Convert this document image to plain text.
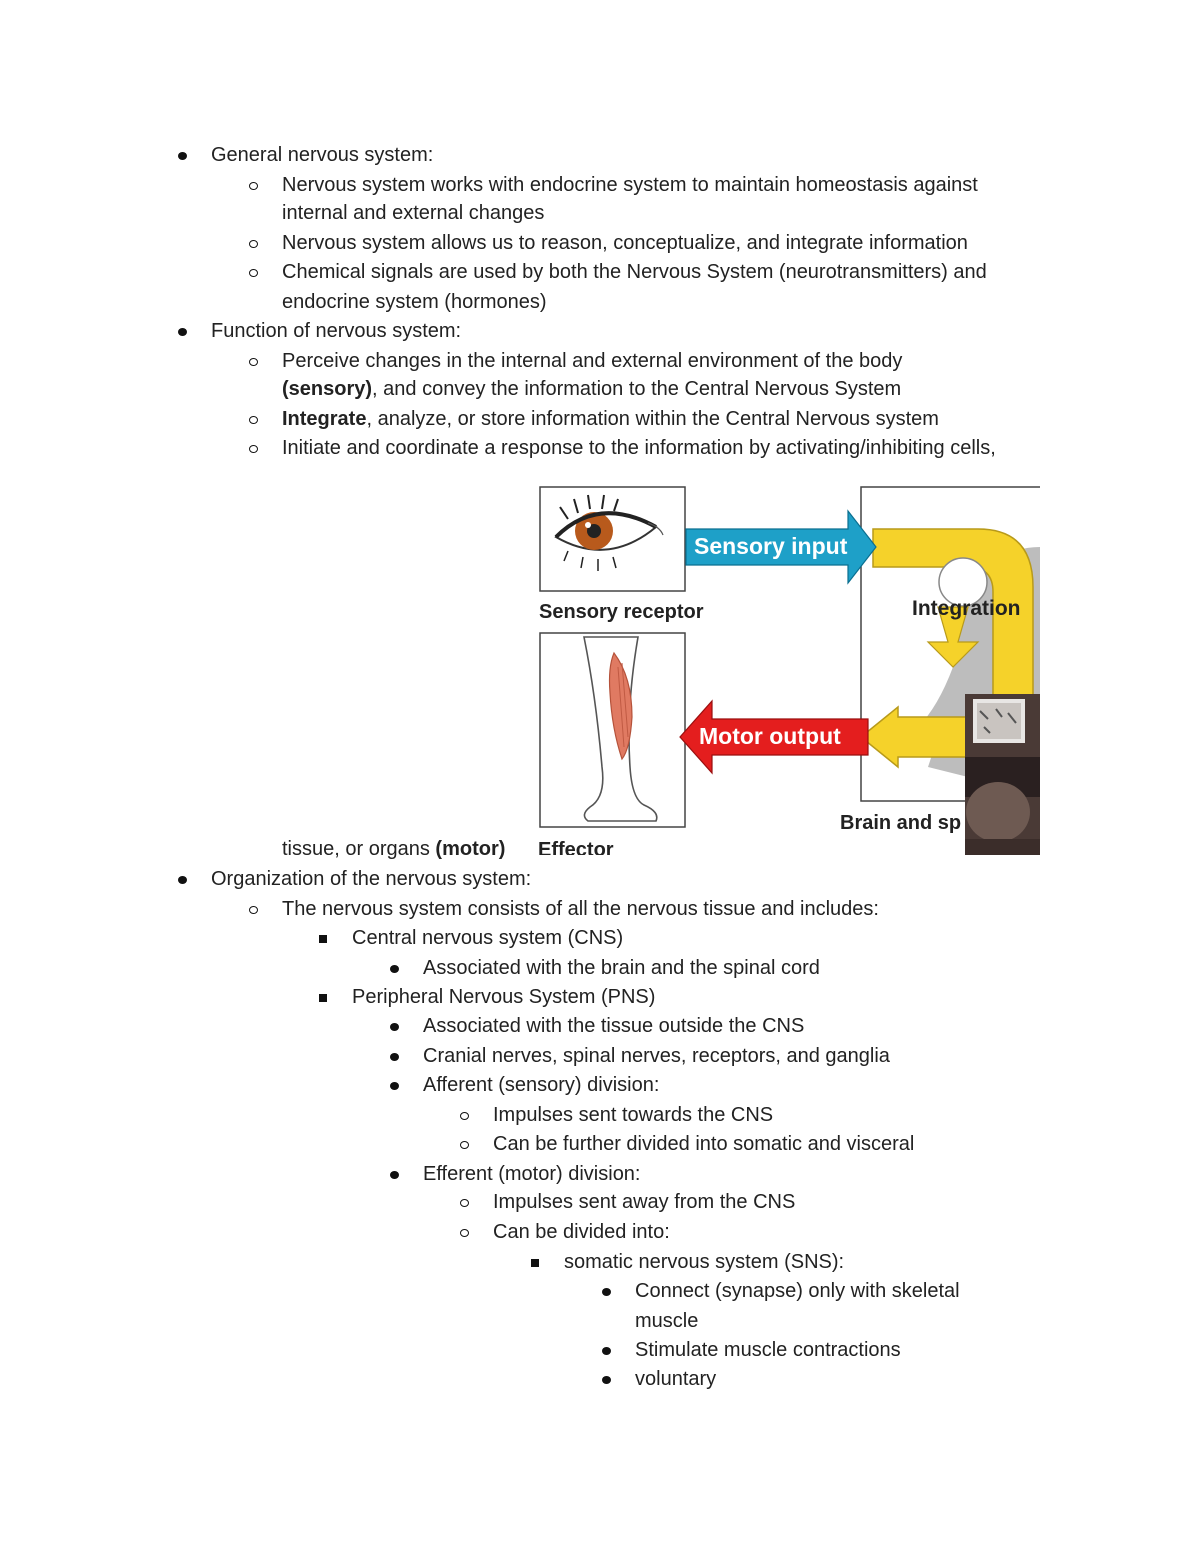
General nervous system:
Nervous system works with endocrine system to maintain homeostasis against
internal and external changes
Nervous system allows us to reason, conceptualize, and integrate information
Chemical signals are used by both the Nervous System (neurotransmitters) and
endocrine system (hormones)
Function of nervous system:
Perceive changes in the internal and external environment of the body
(sensory), and convey the information to the Central Nervous System
Integrate, analyze, or store information within the Central Nervous system
Initiate and coordinate a response to the information by activating/inhibiting cells,
tissue, or organs (motor)
Sensory receptor
Effector
Integration
Sensory input
Motor output
Brain and sp
Organization of the nervous system:
The nervous system consists of all the nervous tissue and includes:
Central nervous system (CNS)
Associated with the brain and the spinal cord
Peripheral Nervous System (PNS)
Associated with the tissue outside the CNS
Cranial nerves, spinal nerves, receptors, and ganglia
Afferent (sensory) division:
Impulses sent towards the CNS
Can be further divided into somatic and visceral
Efferent (motor) division:
Impulses sent away from the CNS
Can be divided into:
somatic nervous system (SNS):
Connect (synapse) only with skeletal
muscle
Stimulate muscle contractions
voluntary
